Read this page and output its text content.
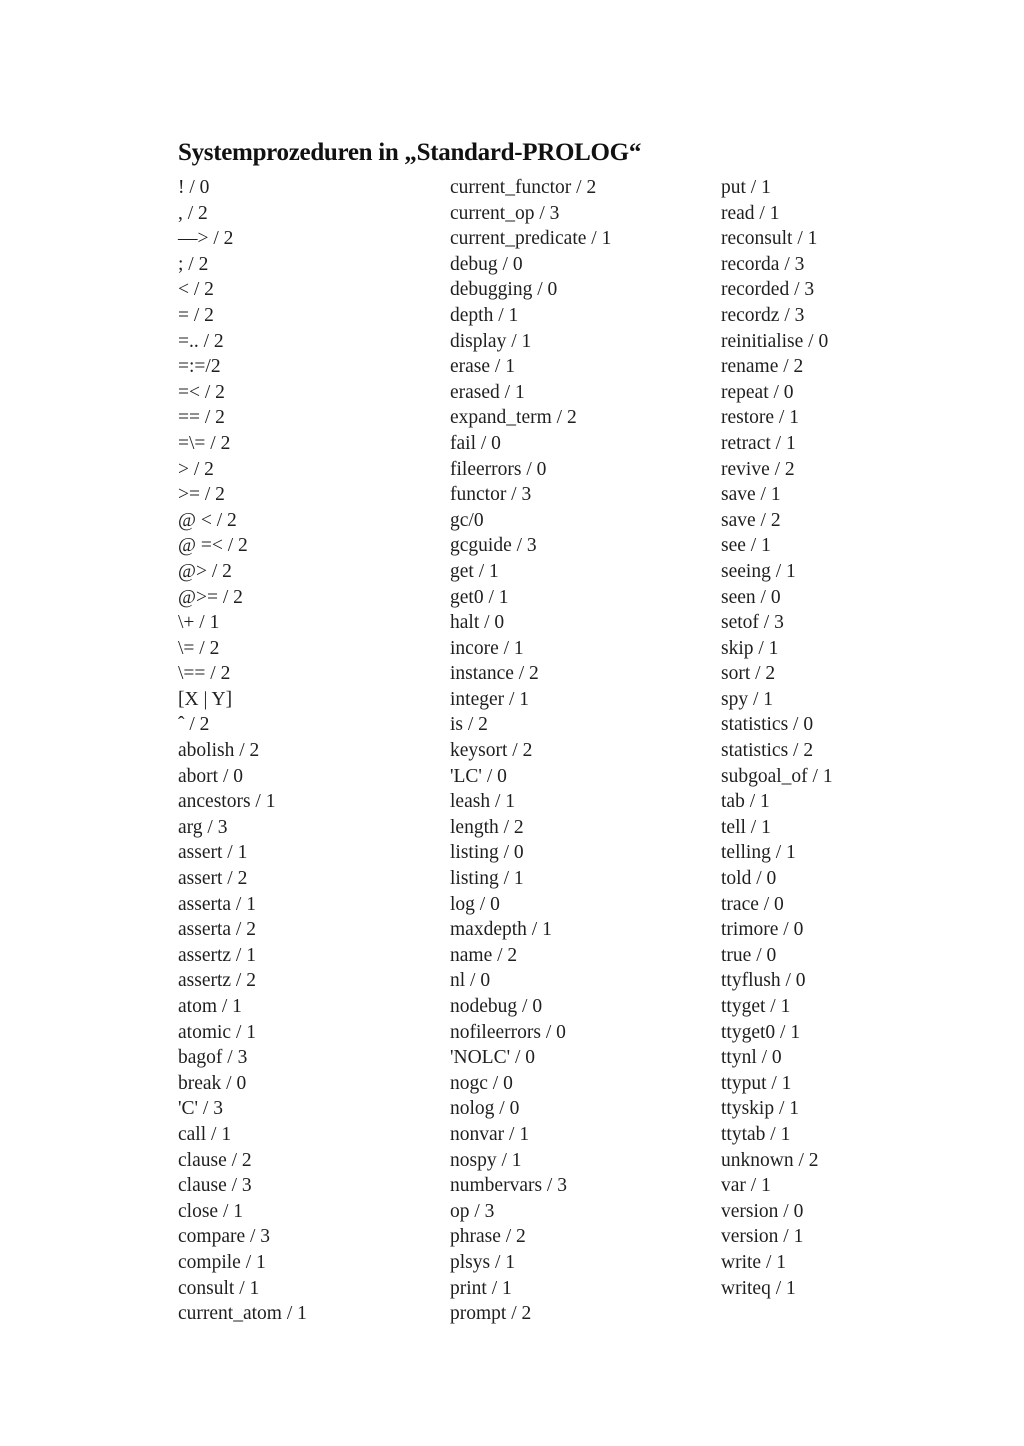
Systemprozeduren in „Standard-PROLOG“
! / 0
, / 2
—> / 2
; / 2
< / 2
= / 2
=.. / 2
=:=/2
=< / 2
== / 2
=\= / 2
> / 2
>= / 2
@ < / 2
@ =< / 2
@> / 2
@>= / 2
\+ / 1
\= / 2
\== / 2
[X | Y]
ˆ / 2
abolish / 2
abort / 0
ancestors / 1
arg / 3
assert / 1
assert / 2
asserta / 1
asserta / 2
assertz / 1
assertz / 2
atom / 1
atomic / 1
bagof / 3
break / 0
'C' / 3
call / 1
clause / 2
clause / 3
close / 1
compare / 3
compile / 1
consult / 1
current_atom / 1
current_functor / 2
current_op / 3
current_predicate / 1
debug / 0
debugging / 0
depth / 1
display / 1
erase / 1
erased / 1
expand_term / 2
fail / 0
fileerrors / 0
functor / 3
gc/0
gcguide / 3
get / 1
get0 / 1
halt / 0
incore / 1
instance / 2
integer / 1
is / 2
keysort / 2
'LC' / 0
leash / 1
length / 2
listing / 0
listing / 1
log / 0
maxdepth / 1
name / 2
nl / 0
nodebug / 0
nofileerrors / 0
'NOLC' / 0
nogc / 0
nolog / 0
nonvar / 1
nospy / 1
numbervars / 3
op / 3
phrase / 2
plsys / 1
print / 1
prompt / 2
put / 1
read / 1
reconsult / 1
recorda / 3
recorded / 3
recordz / 3
reinitialise / 0
rename / 2
repeat / 0
restore / 1
retract / 1
revive / 2
save / 1
save / 2
see / 1
seeing / 1
seen / 0
setof / 3
skip / 1
sort / 2
spy / 1
statistics / 0
statistics / 2
subgoal_of / 1
tab / 1
tell / 1
telling / 1
told / 0
trace / 0
trimore / 0
true / 0
ttyflush / 0
ttyget / 1
ttyget0 / 1
ttynl / 0
ttyput / 1
ttyskip / 1
ttytab / 1
unknown / 2
var / 1
version / 0
version / 1
write / 1
writeq / 1
